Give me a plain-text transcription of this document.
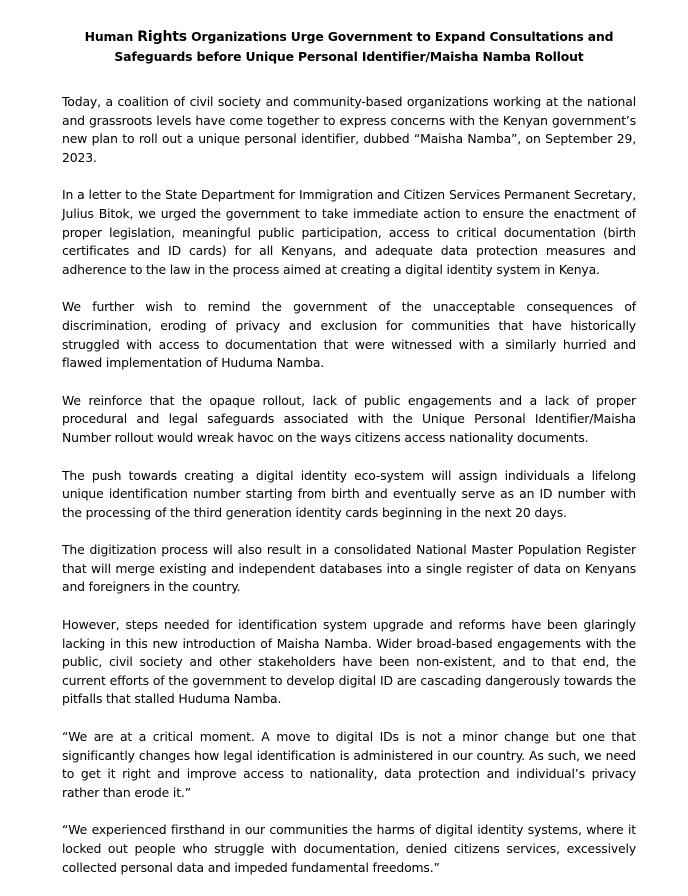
Human Rights Organizations Urge Government to Expand Consultations and Safeguards before Unique Personal Identifier/Maisha Namba Rollout

Today, a coalition of civil society and community-based organizations working at the national and grassroots levels have come together to express concerns with the Kenyan government’s new plan to roll out a unique personal identifier, dubbed “Maisha Namba”, on September 29, 2023.

In a letter to the State Department for Immigration and Citizen Services Permanent Secretary, Julius Bitok, we urged the government to take immediate action to ensure the enactment of proper legislation, meaningful public participation, access to critical documentation (birth certificates and ID cards) for all Kenyans, and adequate data protection measures and adherence to the law in the process aimed at creating a digital identity system in Kenya.

We further wish to remind the government of the unacceptable consequences of discrimination, eroding of privacy and exclusion for communities that have historically struggled with access to documentation that were witnessed with a similarly hurried and flawed implementation of Huduma Namba.

We reinforce that the opaque rollout, lack of public engagements and a lack of proper procedural and legal safeguards associated with the Unique Personal Identifier/Maisha Number rollout would wreak havoc on the ways citizens access nationality documents.

The push towards creating a digital identity eco-system will assign individuals a lifelong unique identification number starting from birth and eventually serve as an ID number with the processing of the third generation identity cards beginning in the next 20 days.

The digitization process will also result in a consolidated National Master Population Register that will merge existing and independent databases into a single register of data on Kenyans and foreigners in the country.

However, steps needed for identification system upgrade and reforms have been glaringly lacking in this new introduction of Maisha Namba. Wider broad-based engagements with the public, civil society and other stakeholders have been non-existent, and to that end, the current efforts of the government to develop digital ID are cascading dangerously towards the pitfalls that stalled Huduma Namba.

“We are at a critical moment. A move to digital IDs is not a minor change but one that significantly changes how legal identification is administered in our country. As such, we need to get it right and improve access to nationality, data protection and individual’s privacy rather than erode it.”

“We experienced firsthand in our communities the harms of digital identity systems, where it locked out people who struggle with documentation, denied citizens services, excessively collected personal data and impeded fundamental freedoms.”
